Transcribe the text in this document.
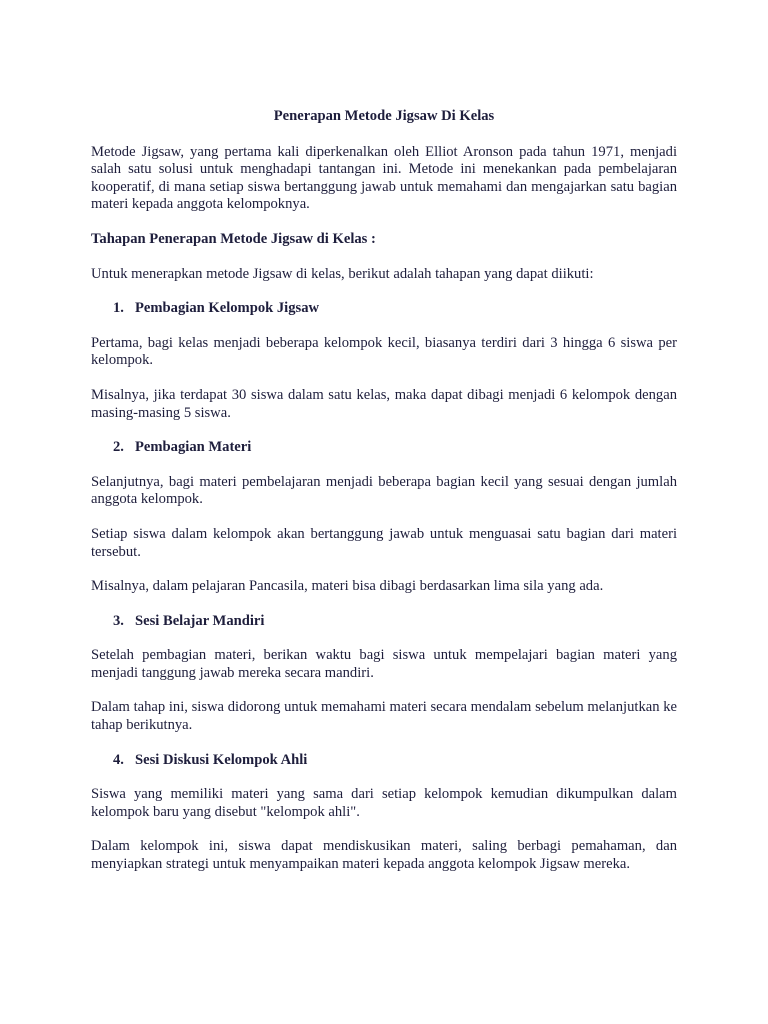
Penerapan Metode Jigsaw Di Kelas

Metode Jigsaw, yang pertama kali diperkenalkan oleh Elliot Aronson pada tahun 1971, menjadi salah satu solusi untuk menghadapi tantangan ini. Metode ini menekankan pada pembelajaran kooperatif, di mana setiap siswa bertanggung jawab untuk memahami dan mengajarkan satu bagian materi kepada anggota kelompoknya.

Tahapan Penerapan Metode Jigsaw di Kelas :

Untuk menerapkan metode Jigsaw di kelas, berikut adalah tahapan yang dapat diikuti:

1. Pembagian Kelompok Jigsaw

Pertama, bagi kelas menjadi beberapa kelompok kecil, biasanya terdiri dari 3 hingga 6 siswa per kelompok.

Misalnya, jika terdapat 30 siswa dalam satu kelas, maka dapat dibagi menjadi 6 kelompok dengan masing-masing 5 siswa.

2. Pembagian Materi

Selanjutnya, bagi materi pembelajaran menjadi beberapa bagian kecil yang sesuai dengan jumlah anggota kelompok.

Setiap siswa dalam kelompok akan bertanggung jawab untuk menguasai satu bagian dari materi tersebut.

Misalnya, dalam pelajaran Pancasila, materi bisa dibagi berdasarkan lima sila yang ada.

3. Sesi Belajar Mandiri

Setelah pembagian materi, berikan waktu bagi siswa untuk mempelajari bagian materi yang menjadi tanggung jawab mereka secara mandiri.

Dalam tahap ini, siswa didorong untuk memahami materi secara mendalam sebelum melanjutkan ke tahap berikutnya.

4. Sesi Diskusi Kelompok Ahli

Siswa yang memiliki materi yang sama dari setiap kelompok kemudian dikumpulkan dalam kelompok baru yang disebut "kelompok ahli".

Dalam kelompok ini, siswa dapat mendiskusikan materi, saling berbagi pemahaman, dan menyiapkan strategi untuk menyampaikan materi kepada anggota kelompok Jigsaw mereka.
